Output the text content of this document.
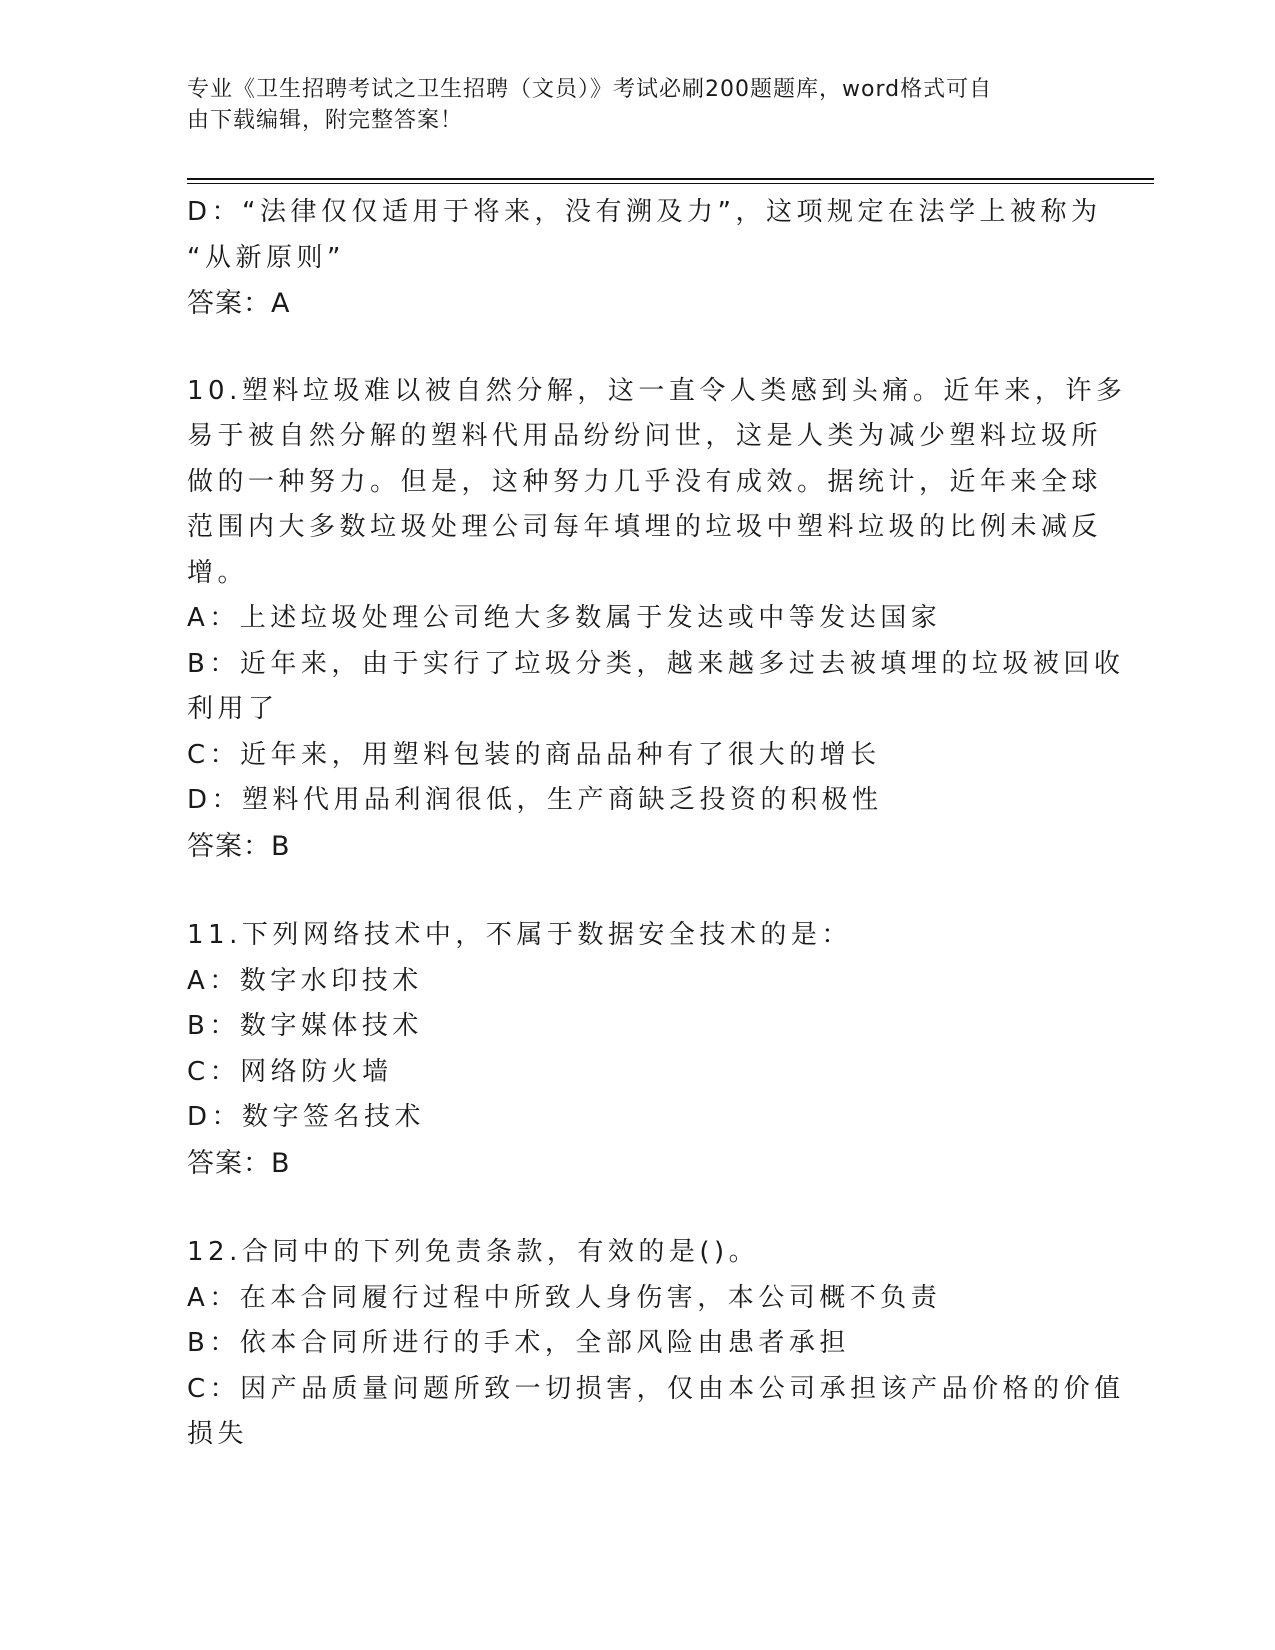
专业《卫生招聘考试之卫生招聘（文员）》考试必刷200题题库，word格式可自
由下载编辑，附完整答案！
D：“法律仅仅适用于将来，没有溯及力”，这项规定在法学上被称为
“从新原则”
答案：A
10.塑料垃圾难以被自然分解，这一直令人类感到头痛。近年来，许多
易于被自然分解的塑料代用品纷纷问世，这是人类为减少塑料垃圾所
做的一种努力。但是，这种努力几乎没有成效。据统计，近年来全球
范围内大多数垃圾处理公司每年填埋的垃圾中塑料垃圾的比例未减反
增。
A：上述垃圾处理公司绝大多数属于发达或中等发达国家
B：近年来，由于实行了垃圾分类，越来越多过去被填埋的垃圾被回收
利用了
C：近年来，用塑料包装的商品品种有了很大的增长
D：塑料代用品利润很低，生产商缺乏投资的积极性
答案：B
11.下列网络技术中，不属于数据安全技术的是：
A：数字水印技术
B：数字媒体技术
C：网络防火墙
D：数字签名技术
答案：B
12.合同中的下列免责条款，有效的是()。
A：在本合同履行过程中所致人身伤害，本公司概不负责
B：依本合同所进行的手术，全部风险由患者承担
C：因产品质量问题所致一切损害，仅由本公司承担该产品价格的价值
损失
